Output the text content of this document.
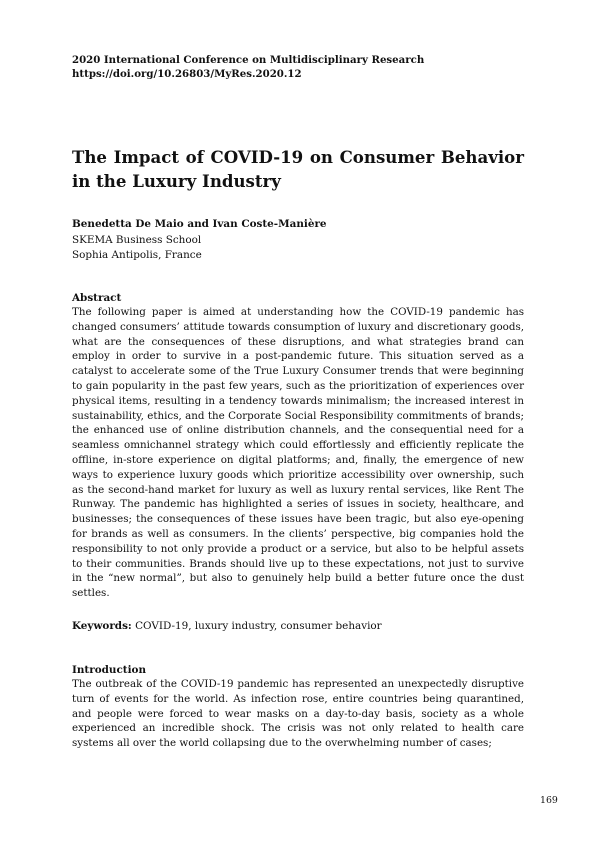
2020 International Conference on Multidisciplinary Research
https://doi.org/10.26803/MyRes.2020.12
The Impact of COVID-19 on Consumer Behavior in the Luxury Industry
Benedetta De Maio and Ivan Coste-Manière
SKEMA Business School
Sophia Antipolis, France
Abstract
The following paper is aimed at understanding how the COVID-19 pandemic has changed consumers’ attitude towards consumption of luxury and discretionary goods, what are the consequences of these disruptions, and what strategies brand can employ in order to survive in a post-pandemic future. This situation served as a catalyst to accelerate some of the True Luxury Consumer trends that were beginning to gain popularity in the past few years, such as the prioritization of experiences over physical items, resulting in a tendency towards minimalism; the increased interest in sustainability, ethics, and the Corporate Social Responsibility commitments of brands; the enhanced use of online distribution channels, and the consequential need for a seamless omnichannel strategy which could effortlessly and efficiently replicate the offline, in-store experience on digital platforms; and, finally, the emergence of new ways to experience luxury goods which prioritize accessibility over ownership, such as the second-hand market for luxury as well as luxury rental services, like Rent The Runway. The pandemic has highlighted a series of issues in society, healthcare, and businesses; the consequences of these issues have been tragic, but also eye-opening for brands as well as consumers. In the clients’ perspective, big companies hold the responsibility to not only provide a product or a service, but also to be helpful assets to their communities. Brands should live up to these expectations, not just to survive in the “new normal”, but also to genuinely help build a better future once the dust settles.
Keywords: COVID-19, luxury industry, consumer behavior
Introduction
The outbreak of the COVID-19 pandemic has represented an unexpectedly disruptive turn of events for the world. As infection rose, entire countries being quarantined, and people were forced to wear masks on a day-to-day basis, society as a whole experienced an incredible shock. The crisis was not only related to health care systems all over the world collapsing due to the overwhelming number of cases;
169
